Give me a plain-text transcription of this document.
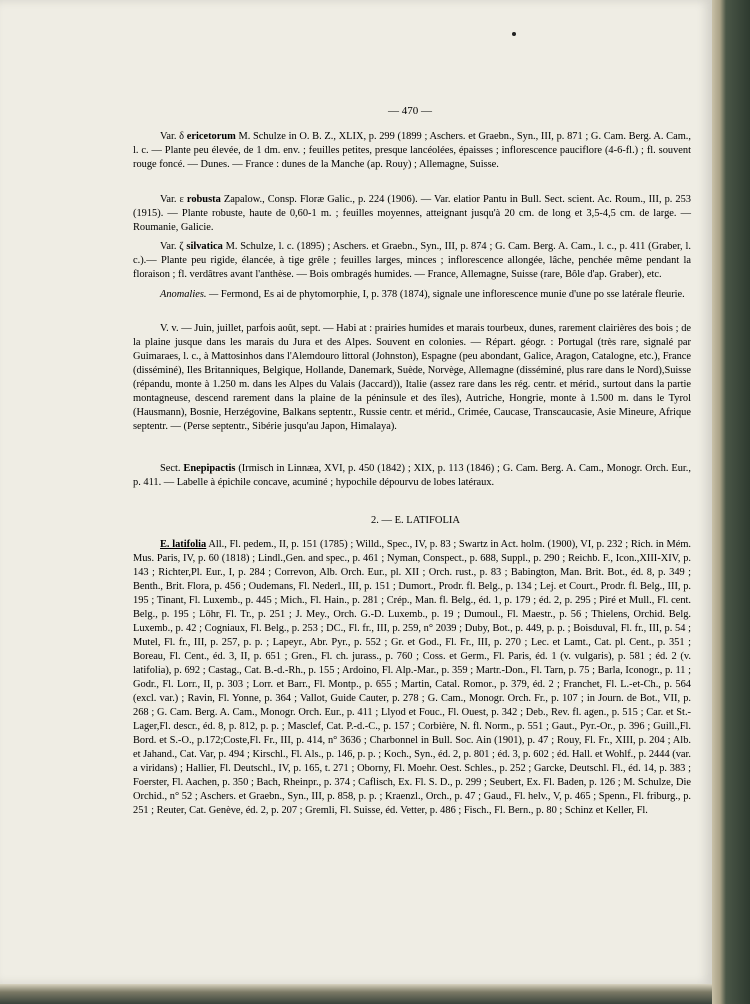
— 470 —

Var. δ ericetorum M. Schulze in O. B. Z., XLIX, p. 299 (1899 ; Aschers. et Graebn., Syn., III, p. 871 ; G. Cam. Berg. A. Cam., l. c. — Plante peu élevée, de 1 dm. env. ; feuilles petites, presque lancéolées, épaisses ; inflorescence pauciflore (4-6-fl.) ; fl. souvent rouge foncé. — Dunes. — France : dunes de la Manche (ap. Rouy) ; Allemagne, Suisse.

Var. ε robusta Zapalow., Consp. Floræ Galic., p. 224 (1906). — Var. elatior Pantu in Bull. Sect. scient. Ac. Roum., III, p. 253 (1915). — Plante robuste, haute de 0,60-1 m. ; feuilles moyennes, atteignant jusqu'à 20 cm. de long et 3,5-4,5 cm. de large. — Roumanie, Galicie.

Var. ζ silvatica M. Schulze, l. c. (1895) ; Aschers. et Graebn., Syn., III, p. 874 ; G. Cam. Berg. A. Cam., l. c., p. 411 (Graber, l. c.).— Plante peu rigide, élancée, à tige grêle ; feuilles larges, minces ; inflorescence allongée, lâche, penchée même pendant la floraison ; fl. verdâtres avant l'anthèse. — Bois ombragés humides. — France, Allemagne, Suisse (rare, Bôle d'ap. Graber), etc.

Anomalies. — Fermond, Es ai de phytomorphie, I, p. 378 (1874), signale une inflorescence munie d'une po sse latérale fleurie.

V. v. — Juin, juillet, parfois août, sept. — Habi at : prairies humides et marais tourbeux, dunes, rarement clairières des bois ; de la plaine jusque dans les marais du Jura et des Alpes. Souvent en colonies. — Répart. géogr. : Portugal (très rare, signalé par Guimaraes, l. c., à Mattosinhos dans l'Alemdouro littoral (Johnston), Espagne (peu abondant, Galice, Aragon, Catalogne, etc.), France (disséminé), Iles Britanniques, Belgique, Hollande, Danemark, Suède, Norvège, Allemagne (disséminé, plus rare dans le Nord),Suisse (répandu, monte à 1.250 m. dans les Alpes du Valais (Jaccard)), Italie (assez rare dans les rég. centr. et mérid., surtout dans la partie montagneuse, descend rarement dans la plaine de la péninsule et des îles), Autriche, Hongrie, monte à 1.500 m. dans le Tyrol (Hausmann), Bosnie, Herzégovine, Balkans septentr., Russie centr. et mérid., Crimée, Caucase, Transcaucasie, Asie Mineure, Afrique septentr. — (Perse septentr., Sibérie jusqu'au Japon, Himalaya).

Sect. Enepipactis (Irmisch in Linnæa, XVI, p. 450 (1842) ; XIX, p. 113 (1846) ; G. Cam. Berg. A. Cam., Monogr. Orch. Eur., p. 411. — Labelle à épichile concave, acuminé ; hypochile dépourvu de lobes latéraux.

2. — E. LATIFOLIA

E. latifolia All., Fl. pedem., II, p. 151 (1785) ; Willd., Spec., IV, p. 83 ; Swartz in Act. holm. (1900), VI, p. 232 ; Rich. in Mém. Mus. Paris, IV, p. 60 (1818) ; Lindl.,Gen. and spec., p. 461 ; Nyman, Conspect., p. 688, Suppl., p. 290 ; Reichb. F., Icon.,XIII-XIV, p. 143 ; Richter,Pl. Eur., I, p. 284 ; Correvon, Alb. Orch. Eur., pl. XII ; Orch. rust., p. 83 ; Babington, Man. Brit. Bot., éd. 8, p. 349 ; Benth., Brit. Flora, p. 456 ; Oudemans, Fl. Nederl., III, p. 151 ; Dumort., Prodr. fl. Belg., p. 134 ; Lej. et Court., Prodr. fl. Belg., III, p. 195 ; Tinant, Fl. Luxemb., p. 445 ; Mich., Fl. Hain., p. 281 ; Crép., Man. fl. Belg., éd. 1, p. 179 ; éd. 2, p. 295 ; Piré et Mull., Fl. cent. Belg., p. 195 ; Löhr, Fl. Tr., p. 251 ; J. Mey., Orch. G.-D. Luxemb., p. 19 ; Dumoul., Fl. Maestr., p. 56 ; Thielens, Orchid. Belg. Luxemb., p. 42 ; Cogniaux, Fl. Belg., p. 253 ; DC., Fl. fr., III, p. 259, n° 2039 ; Duby, Bot., p. 449, p. p. ; Boisduval, Fl. fr., III, p. 54 ; Mutel, Fl. fr., III, p. 257, p. p. ; Lapeyr., Abr. Pyr., p. 552 ; Gr. et God., Fl. Fr., III, p. 270 ; Lec. et Lamt., Cat. pl. Cent., p. 351 ; Boreau, Fl. Cent., éd. 3, II, p. 651 ; Gren., Fl. ch. jurass., p. 760 ; Coss. et Germ., Fl. Paris, éd. 1 (v. vulgaris), p. 581 ; éd. 2 (v. latifolia), p. 692 ; Castag., Cat. B.-d.-Rh., p. 155 ; Ardoino, Fl. Alp.-Mar., p. 359 ; Martr.-Don., Fl. Tarn, p. 75 ; Barla, Iconogr., p. 11 ; Godr., Fl. Lorr., II, p. 303 ; Lorr. et Barr., Fl. Montp., p. 655 ; Martin, Catal. Romor., p. 379, éd. 2 ; Franchet, Fl. L.-et-Ch., p. 564 (excl. var.) ; Ravin, Fl. Yonne, p. 364 ; Vallot, Guide Cauter, p. 278 ; G. Cam., Monogr. Orch. Fr., p. 107 ; in Journ. de Bot., VII, p. 268 ; G. Cam. Berg. A. Cam., Monogr. Orch. Eur., p. 411 ; Llyod et Fouc., Fl. Ouest, p. 342 ; Deb., Rev. fl. agen., p. 515 ; Car. et St.-Lager,Fl. descr., éd. 8, p. 812, p. p. ; Masclef, Cat. P.-d.-C., p. 157 ; Corbière, N. fl. Norm., p. 551 ; Gaut., Pyr.-Or., p. 396 ; Guill.,Fl. Bord. et S.-O., p.172;Coste,Fl. Fr., III, p. 414, n° 3636 ; Charbonnel in Bull. Soc. Ain (1901), p. 47 ; Rouy, Fl. Fr., XIII, p. 204 ; Alb. et Jahand., Cat. Var, p. 494 ; Kirschl., Fl. Als., p. 146, p. p. ; Koch., Syn., éd. 2, p. 801 ; éd. 3, p. 602 ; éd. Hall. et Wohlf., p. 2444 (var. a viridans) ; Hallier, Fl. Deutschl., IV, p. 165, t. 271 ; Oborny, Fl. Moehr. Oest. Schles., p. 252 ; Garcke, Deutschl. Fl., éd. 14, p. 383 ; Foerster, Fl. Aachen, p. 350 ; Bach, Rheinpr., p. 374 ; Caflisch, Ex. Fl. S. D., p. 299 ; Seubert, Ex. Fl. Baden, p. 126 ; M. Schulze, Die Orchid., n° 52 ; Aschers. et Graebn., Syn., III, p. 858, p. p. ; Kraenzl., Orch., p. 47 ; Gaud., Fl. helv., V, p. 465 ; Spenn., Fl. friburg., p. 251 ; Reuter, Cat. Genève, éd. 2, p. 207 ; Gremli, Fl. Suisse, éd. Vetter, p. 486 ; Fisch., Fl. Bern., p. 80 ; Schinz et Keller, Fl.
